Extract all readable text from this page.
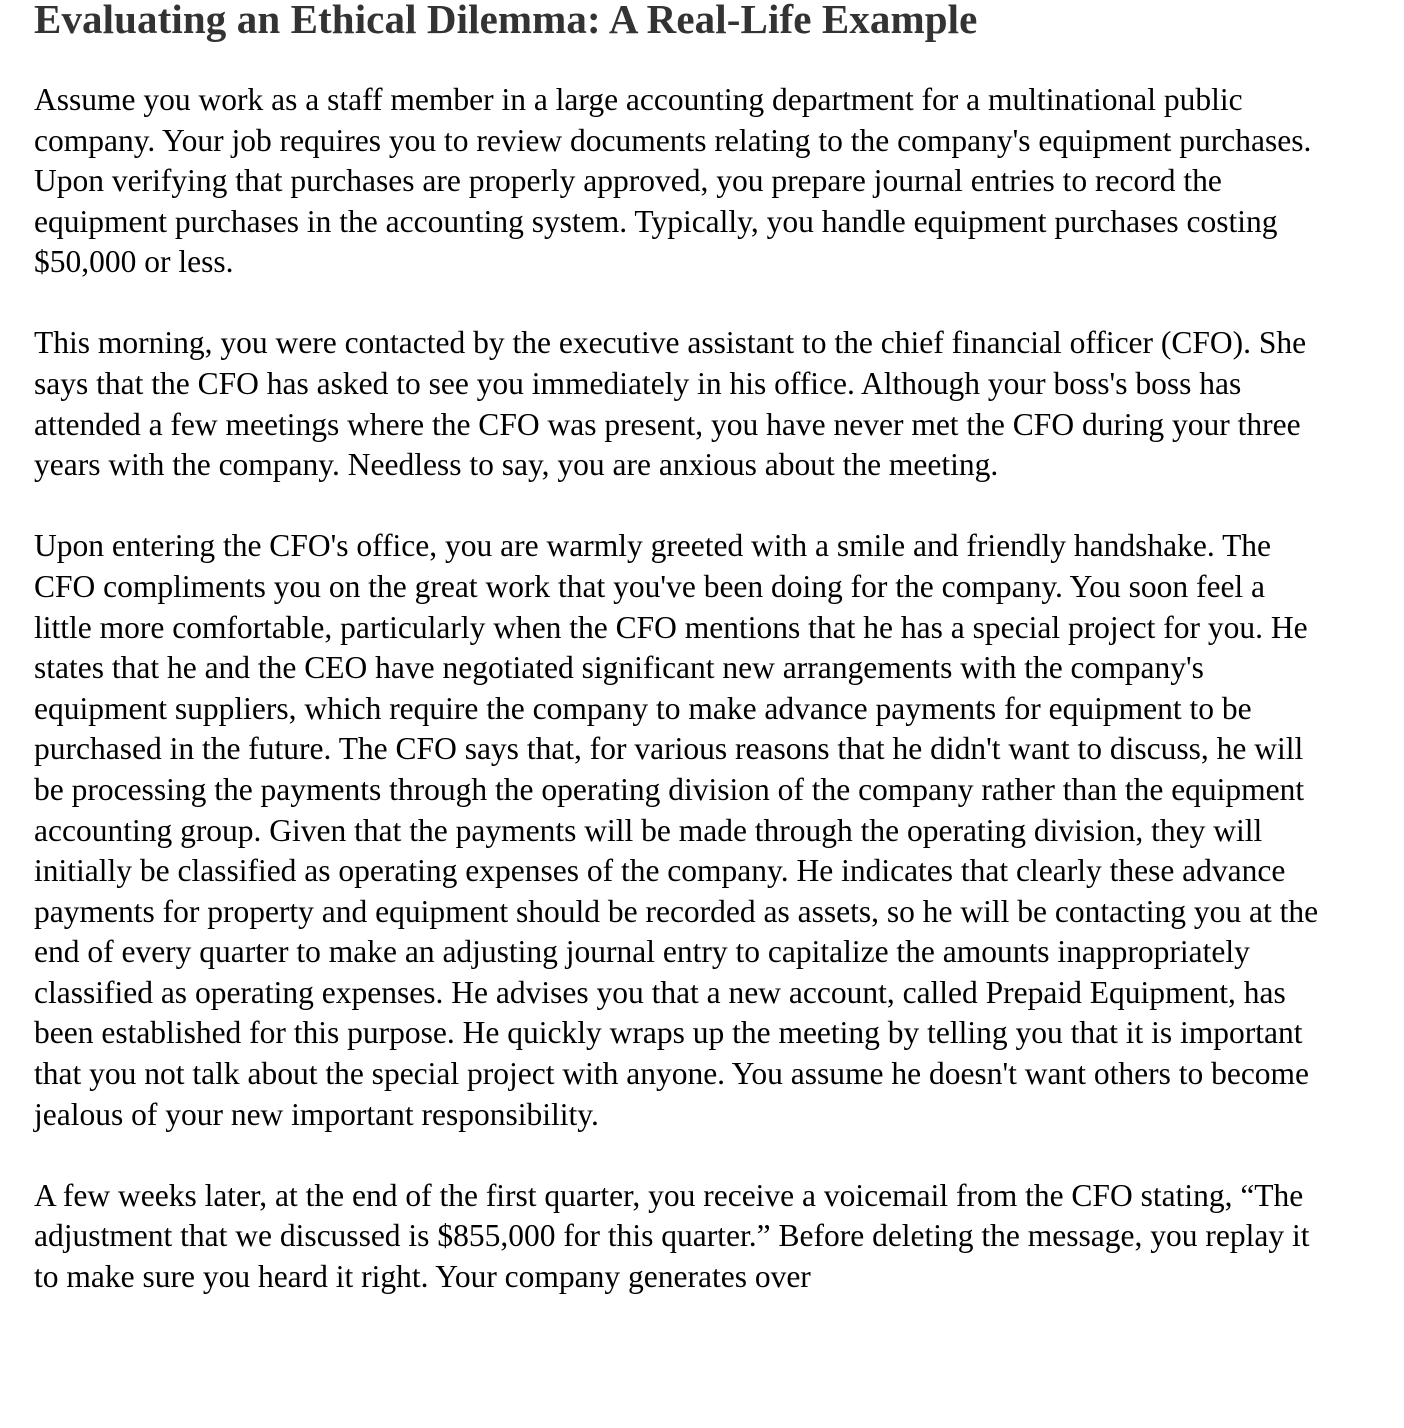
Evaluating an Ethical Dilemma: A Real-Life Example

Assume you work as a staff member in a large accounting department for a multinational public company. Your job requires you to review documents relating to the company's equipment purchases. Upon verifying that purchases are properly approved, you prepare journal entries to record the equipment purchases in the accounting system. Typically, you handle equipment purchases costing $50,000 or less.

This morning, you were contacted by the executive assistant to the chief financial officer (CFO). She says that the CFO has asked to see you immediately in his office. Although your boss's boss has attended a few meetings where the CFO was present, you have never met the CFO during your three years with the company. Needless to say, you are anxious about the meeting.

Upon entering the CFO's office, you are warmly greeted with a smile and friendly handshake. The CFO compliments you on the great work that you've been doing for the company. You soon feel a little more comfortable, particularly when the CFO mentions that he has a special project for you. He states that he and the CEO have negotiated significant new arrangements with the company's equipment suppliers, which require the company to make advance payments for equipment to be purchased in the future. The CFO says that, for various reasons that he didn't want to discuss, he will be processing the payments through the operating division of the company rather than the equipment accounting group. Given that the payments will be made through the operating division, they will initially be classified as operating expenses of the company. He indicates that clearly these advance payments for property and equipment should be recorded as assets, so he will be contacting you at the end of every quarter to make an adjusting journal entry to capitalize the amounts inappropriately classified as operating expenses. He advises you that a new account, called Prepaid Equipment, has been established for this purpose. He quickly wraps up the meeting by telling you that it is important that you not talk about the special project with anyone. You assume he doesn't want others to become jealous of your new important responsibility.

A few weeks later, at the end of the first quarter, you receive a voicemail from the CFO stating, “The adjustment that we discussed is $855,000 for this quarter.” Before deleting the message, you replay it to make sure you heard it right. Your company generates over
